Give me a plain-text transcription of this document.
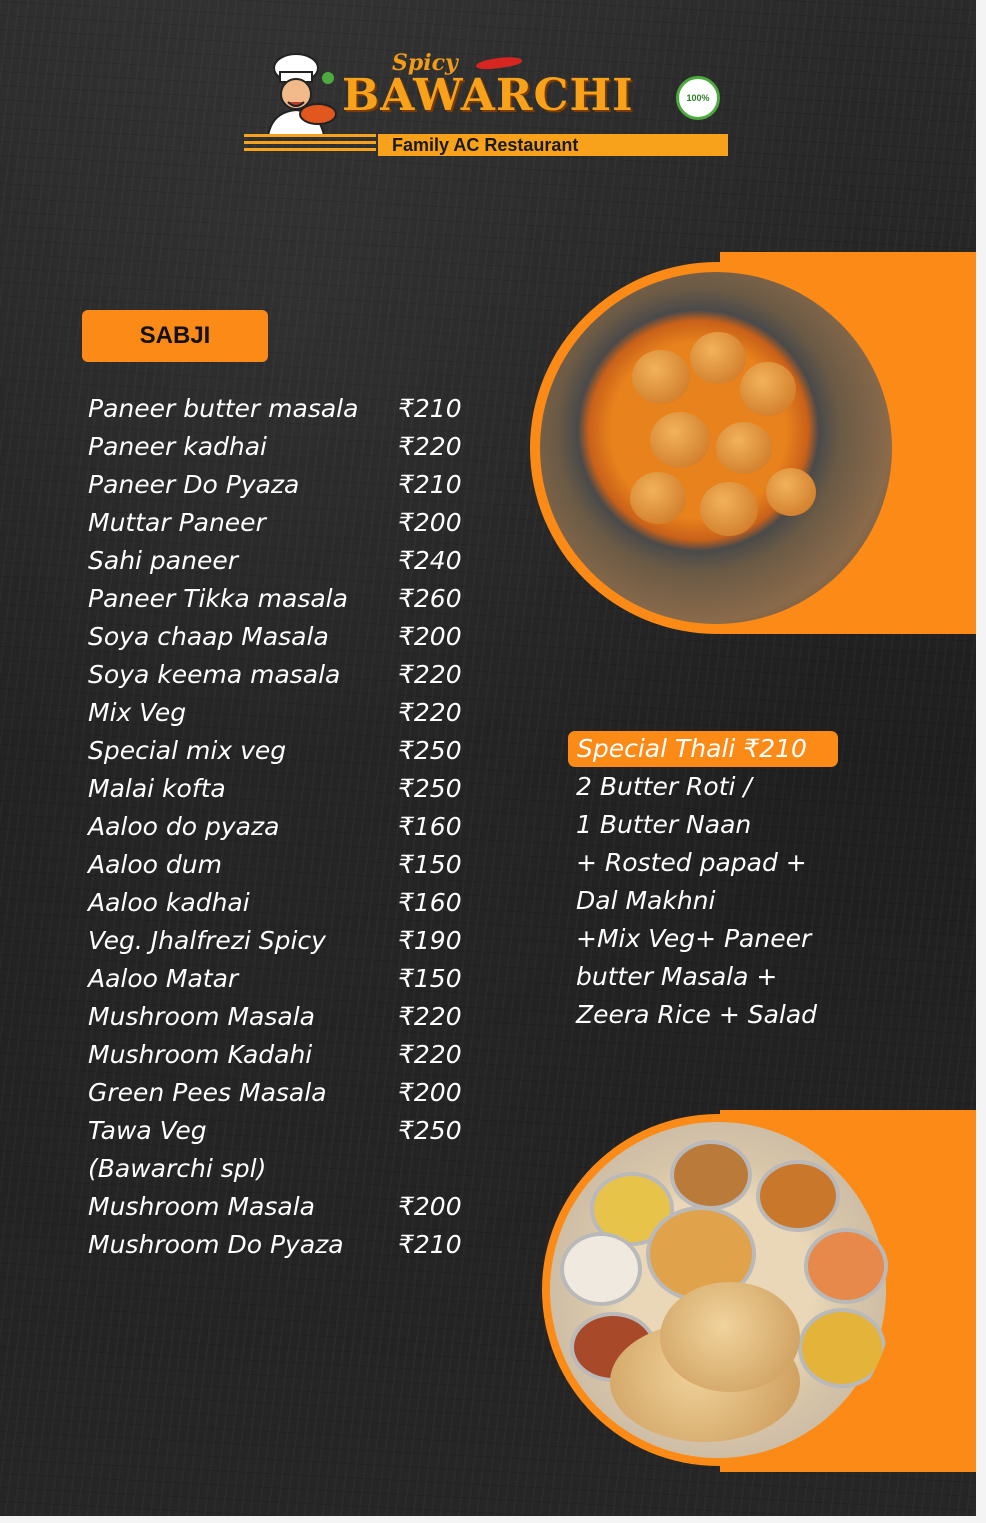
Spicy
BAWARCHI	100%
Family AC Restaurant
SABJI
Paneer butter masala ₹210
Paneer kadhai	₹220
Paneer Do Pyaza	₹210
Muttar Paneer	₹200
Sahi paneer	₹240
Paneer Tikka masala ₹260
Soya chaap Masala	₹200
Soya keema masala ₹220
Mix Veg	₹220
Special mix veg	₹250
Malai kofta	₹250
Aaloo do pyaza	₹160
Aaloo dum	₹150
Aaloo kadhai	₹160
Veg. Jhalfrezi Spicy	₹190
Aaloo Matar	₹150
Mushroom Masala	₹220
Mushroom Kadahi	₹220
Green Pees Masala	₹200
Tawa Veg	₹250
(Bawarchi spl)
Mushroom Masala	₹200
Mushroom Do Pyaza ₹210
Special Thali ₹210
2 Butter Roti /
1 Butter Naan
+ Rosted papad +
Dal Makhni
+Mix Veg+ Paneer
butter Masala +
Zeera Rice + Salad
